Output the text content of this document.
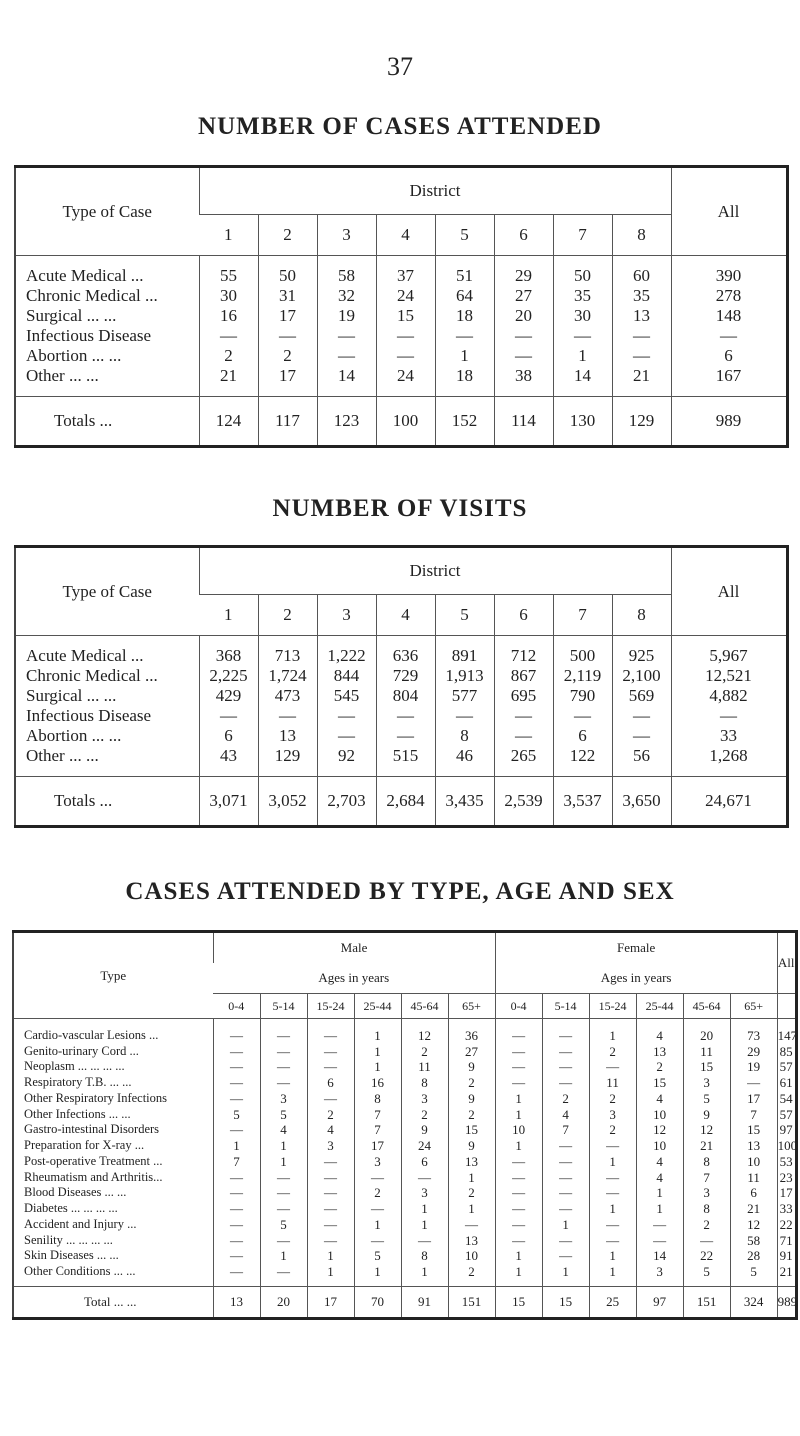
37
NUMBER OF CASES ATTENDED
Type of Case	District								All
	1	2	3	4	5	6	7	8	
Acute Medical ...	55	50	58	37	51	29	50	60	390
Chronic Medical ...	30	31	32	24	64	27	35	35	278
Surgical ... ...	16	17	19	15	18	20	30	13	148
Infectious Disease	—	—	—	—	—	—	—	—	—
Abortion ... ...	2	2	—	—	1	—	1	—	6
Other ... ...	21	17	14	24	18	38	14	21	167
Totals ...	124	117	123	100	152	114	130	129	989
NUMBER OF VISITS
Type of Case	District								All
	1	2	3	4	5	6	7	8	
Acute Medical ...	368	713	1,222	636	891	712	500	925	5,967
Chronic Medical ...	2,225	1,724	844	729	1,913	867	2,119	2,100	12,521
Surgical ... ...	429	473	545	804	577	695	790	569	4,882
Infectious Disease	—	—	—	—	—	—	—	—	—
Abortion ... ...	6	13	—	—	8	—	6	—	33
Other ... ...	43	129	92	515	46	265	122	56	1,268
Totals ...	3,071	3,052	2,703	2,684	3,435	2,539	3,537	3,650	24,671
CASES ATTENDED BY TYPE, AGE AND SEX
Type	Male						Female						All
	Ages in years						Ages in years						
	0-4	5-14	15-24	25-44	45-64	65+	0-4	5-14	15-24	25-44	45-64	65+	
Cardio-vascular Lesions ...	—	—	—	1	12	36	—	—	1	4	20	73	147
Genito-urinary Cord ...	—	—	—	1	2	27	—	—	2	13	11	29	85
Neoplasm ... ... ... ...	—	—	—	1	11	9	—	—	—	2	15	19	57
Respiratory T.B. ... ...	—	—	6	16	8	2	—	—	11	15	3	—	61
Other Respiratory Infections	—	3	—	8	3	9	1	2	2	4	5	17	54
Other Infections ... ...	5	5	2	7	2	2	1	4	3	10	9	7	57
Gastro-intestinal Disorders	—	4	4	7	9	15	10	7	2	12	12	15	97
Preparation for X-ray ...	1	1	3	17	24	9	1	—	—	10	21	13	100
Post-operative Treatment ...	7	1	—	3	6	13	—	—	1	4	8	10	53
Rheumatism and Arthritis...	—	—	—	—	—	1	—	—	—	4	7	11	23
Blood Diseases ... ...	—	—	—	2	3	2	—	—	—	1	3	6	17
Diabetes ... ... ... ...	—	—	—	—	1	1	—	—	1	1	8	21	33
Accident and Injury ...	—	5	—	1	1	—	—	1	—	—	2	12	22
Senility ... ... ... ...	—	—	—	—	—	13	—	—	—	—	—	58	71
Skin Diseases ... ...	—	1	1	5	8	10	1	—	1	14	22	28	91
Other Conditions ... ...	—	—	1	1	1	2	1	1	1	3	5	5	21
Total ... ...	13	20	17	70	91	151	15	15	25	97	151	324	989
